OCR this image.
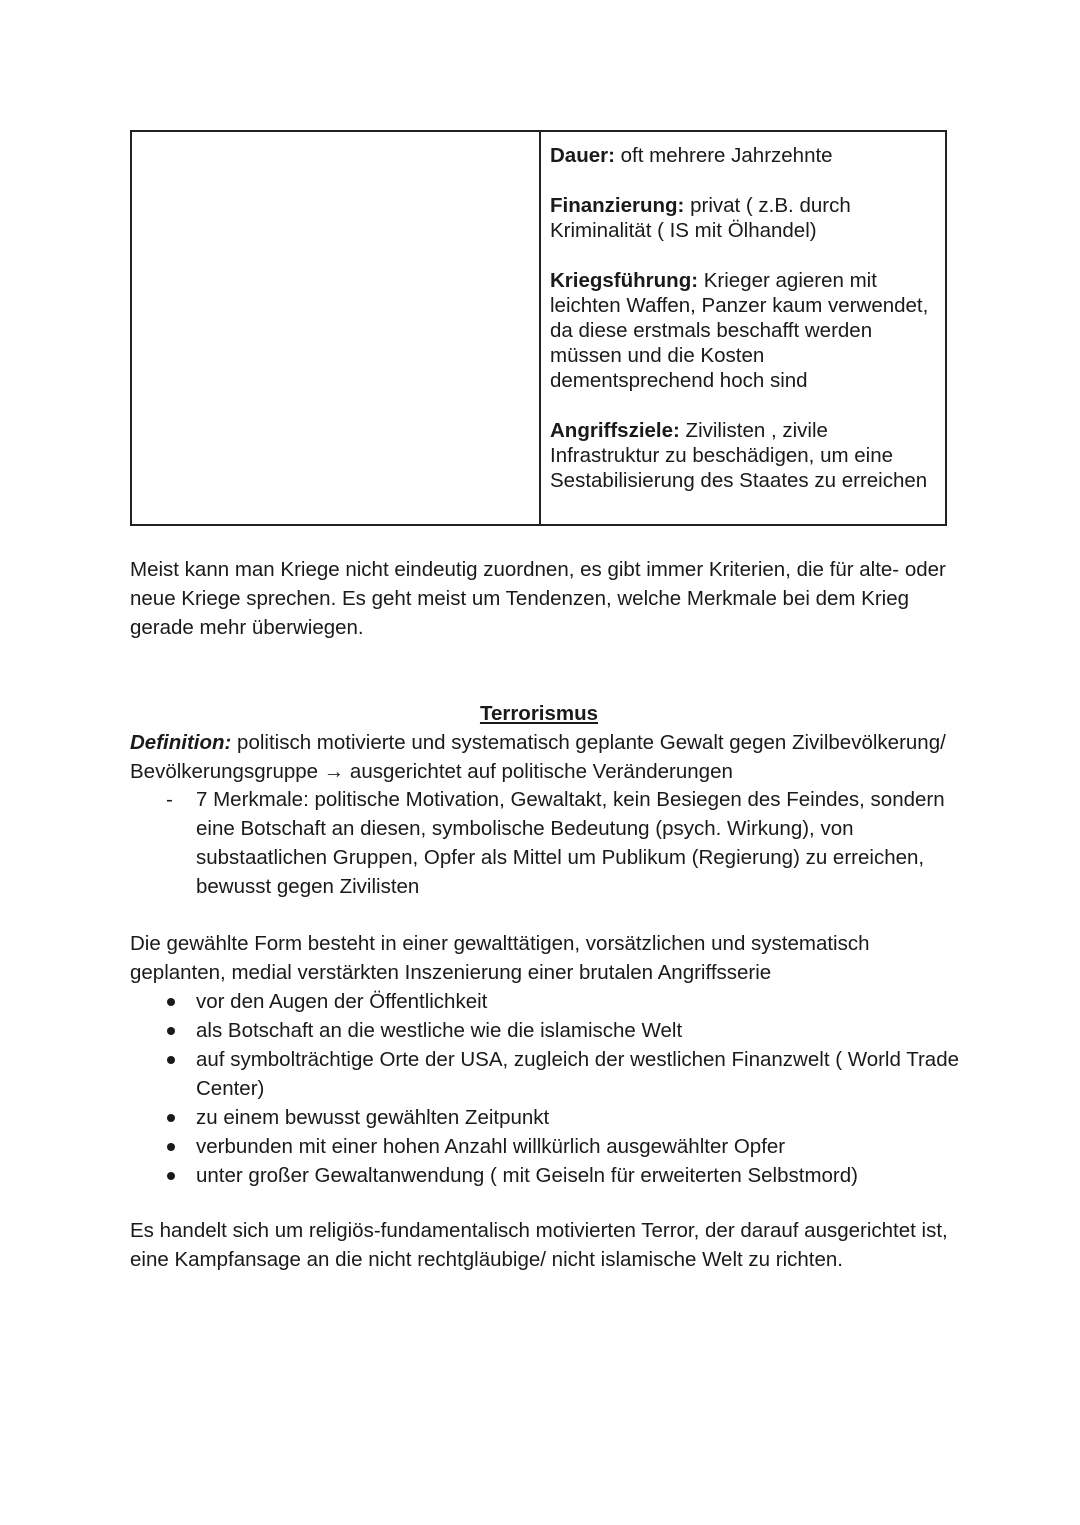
Dauer: oft mehrere Jahrzehnte

Finanzierung: privat ( z.B. durch Kriminalität ( IS mit Ölhandel)

Kriegsführung: Krieger agieren mit leichten Waffen, Panzer kaum verwendet, da diese erstmals beschafft werden müssen und die Kosten dementsprechend hoch sind

Angriffsziele: Zivilisten , zivile Infrastruktur zu beschädigen, um eine Sestabilisierung des Staates zu erreichen

Meist kann man Kriege nicht eindeutig zuordnen, es gibt immer Kriterien, die für alte- oder neue Kriege sprechen. Es geht meist um Tendenzen, welche Merkmale bei dem Krieg gerade mehr überwiegen.

Terrorismus

Definition: politisch motivierte und systematisch geplante Gewalt gegen Zivilbevölkerung/ Bevölkerungsgruppe → ausgerichtet auf politische Veränderungen

- 7 Merkmale: politische Motivation, Gewaltakt, kein Besiegen des Feindes, sondern eine Botschaft an diesen, symbolische Bedeutung (psych. Wirkung), von substaatlichen Gruppen, Opfer als Mittel um Publikum (Regierung) zu erreichen, bewusst gegen Zivilisten

Die gewählte Form besteht in einer gewalttätigen, vorsätzlichen und systematisch geplanten, medial verstärkten Inszenierung einer brutalen Angriffsserie

vor den Augen der Öffentlichkeit
als Botschaft an die westliche wie die islamische Welt
auf symbolträchtige Orte der USA, zugleich der westlichen Finanzwelt ( World Trade Center)
zu einem bewusst gewählten Zeitpunkt
verbunden mit einer hohen Anzahl willkürlich ausgewählter Opfer
unter großer Gewaltanwendung ( mit Geiseln für erweiterten Selbstmord)

Es handelt sich um religiös-fundamentalisch motivierten Terror, der darauf ausgerichtet ist, eine Kampfansage an die nicht rechtgläubige/ nicht islamische Welt zu richten.
